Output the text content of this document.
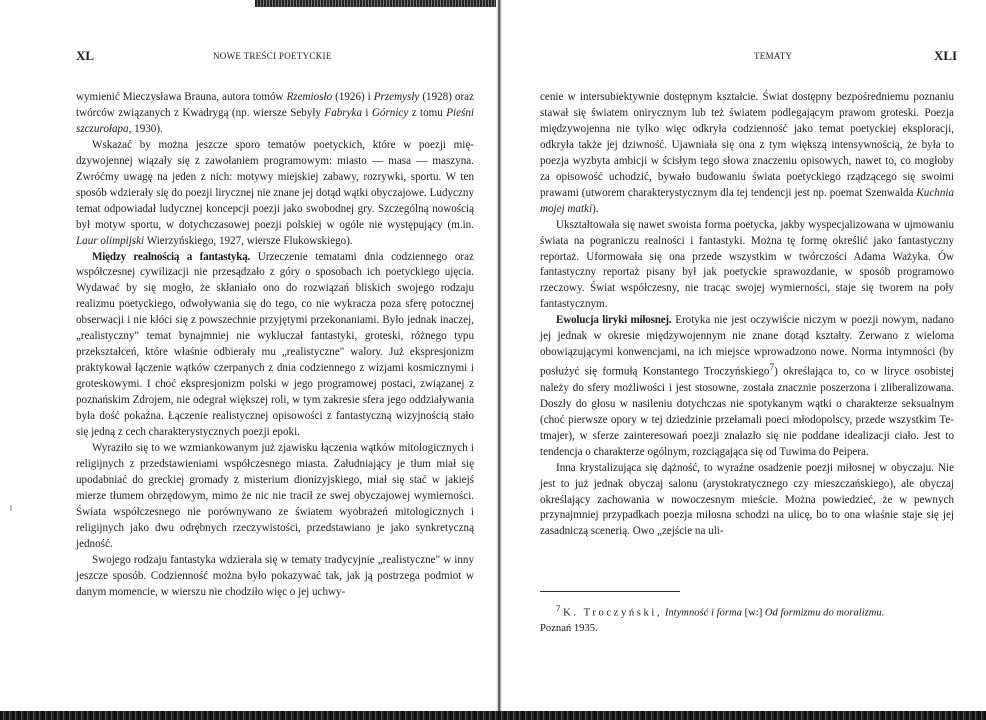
XL	NOWE TREŚCI POETYCKIE

wymienić Mieczysława Brauna, autora tomów Rzemiosło (1926) i Przemysły (1928) oraz twórców związanych z Kwadrygą (np. wiersze Sebyły Fabryka i Górnicy z tomu Pieśni szczurołapa, 1930).

Wskazać by można jeszcze sporo tematów poetyckich, które w poezji międzywojennej wiązały się z zawołaniem programowym: miasto — masa — maszyna. Zwróćmy uwagę na jeden z nich: motywy miejskiej zabawy, rozrywki, sportu. W ten sposób wdzierały się do poezji lirycznej nie znane jej dotąd wątki obyczajowe. Ludyczny temat odpowiadał ludycznej koncepcji poezji jako swobodnej gry. Szczególną nowością był motyw sportu, w dotychczasowej poezji polskiej w ogóle nie występujący (m.in. Laur olimpijski Wierzyńskiego, 1927, wiersze Flukowskiego).

Między realnością a fantastyką. Urzeczenie tematami dnia codziennego oraz współczesnej cywilizacji nie przesądzało z góry o sposobach ich poetyckiego ujęcia. Wydawać by się mogło, że skłaniało ono do rozwiązań bliskich swojego rodzaju realizmu poetyckiego, odwoływania się do tego, co nie wykracza poza sferę potocznej obserwacji i nie kłóci się z powszechnie przyjętymi przekonaniami. Było jednak inaczej, „realistyczny" temat bynajmniej nie wykluczał fantastyki, groteski, różnego typu przekształceń, które właśnie odbierały mu „realistyczne" walory. Już ekspresjonizm praktykował łączenie wątków czerpanych z dnia codziennego z wizjami kosmicznymi i groteskowymi. I choć ekspresjonizm polski w jego programowej postaci, związanej z poznańskim Zdrojem, nie odegrał większej roli, w tym zakresie sfera jego oddziaływania była dość pokaźna. Łączenie realistycznej opisowości z fantastyczną wizyjnością stało się jedną z cech charakterystycznych poezji epoki.

Wyraziło się to we wzmiankowanym już zjawisku łączenia wątków mitologicznych i religijnych z przedstawieniami współczesnego miasta. Załudniający je tłum miał się upodabniać do greckiej gromady z misterium dionizyjskiego, miał się stać w jakiejś mierze tłumem obrzędowym, mimo że nic nie tracił ze swej obyczajowej wymierności. Świata współczesnego nie porównywano ze światem wyobrażeń mitologicznych i religijnych jako dwu odrębnych rzeczywistości, przedstawiano je jako synkretyczną jedność.

Swojego rodzaju fantastyka wdzierała się w tematy tradycyjnie „realistyczne" w inny jeszcze sposób. Codzienność można było pokazywać tak, jak ją postrzega podmiot w danym momencie, w wierszu nie chodziło więc o jej uchwy-

TEMATY	XLI

cenie w intersubiektywnie dostępnym kształcie. Świat dostępny bezpośredniemu poznaniu stawał się światem onirycznym lub też światem podlegającym prawom groteski. Poezja międzywojenna nie tylko więc odkryła codzienność jako temat poetyckiej eksploracji, odkryła także jej dziwność. Ujawniała się ona z tym większą intensywnością, że była to poezja wyzbyta ambicji w ścisłym tego słowa znaczeniu opisowych, nawet to, co mogłoby za opisowość uchodzić, bywało budowaniu świata poetyckiego rządzącego się swoimi prawami (utworem charakterystycznym dla tej tendencji jest np. poemat Szenwalda Kuchnia mojej matki).

Ukształtowała się nawet swoista forma poetycka, jakby wyspecjalizowana w ujmowaniu świata na pograniczu realności i fantastyki. Można tę formę określić jako fantastyczny reportaż. Uformowała się ona przede wszystkim w twórczości Adama Ważyka. Ów fantastyczny reportaż pisany był jak poetyckie sprawozdanie, w sposób programowo rzeczowy. Świat współczesny, nie tracąc swojej wymierności, staje się tworem na poły fantastycznym.

Ewolucja liryki miłosnej. Erotyka nie jest oczywiście niczym w poezji nowym, nadano jej jednak w okresie międzywojennym nie znane dotąd kształty. Zerwano z wieloma obowiązującymi konwencjami, na ich miejsce wprowadzono nowe. Norma intymności (by posłużyć się formułą Konstantego Troczyńskiego$^7$) określająca to, co w liryce osobistej należy do sfery możliwości i jest stosowne, została znacznie poszerzona i zliberalizowana. Doszły do głosu w nasileniu dotychczas nie spotykanym wątki o charakterze seksualnym (choć pierwsze opory w tej dziedzinie przełamali poeci młodopolscy, przede wszystkim Tetmajer), w sferze zainteresowań poezji znalazło się nie poddane idealizacji ciało. Jest to tendencja o charakterze ogólnym, rozciągająca się od Tuwima do Peipera.

Inna krystalizująca się dążność, to wyraźne osadzenie poezji miłosnej w obyczaju. Nie jest to już jednak obyczaj salonu (arystokratycznego czy mieszczańskiego), ale obyczaj określający zachowania w nowoczesnym mieście. Można powiedzieć, że w pewnych przynajmniej przypadkach poezja miłosna schodzi na ulicę, bo to ona właśnie staje się jej zasadniczą scenerią. Owo „zejście na uli-

$^7$ K. Troczyński, Intymność i forma [w:] Od formizmu do moralizmu.
Poznań 1935.
